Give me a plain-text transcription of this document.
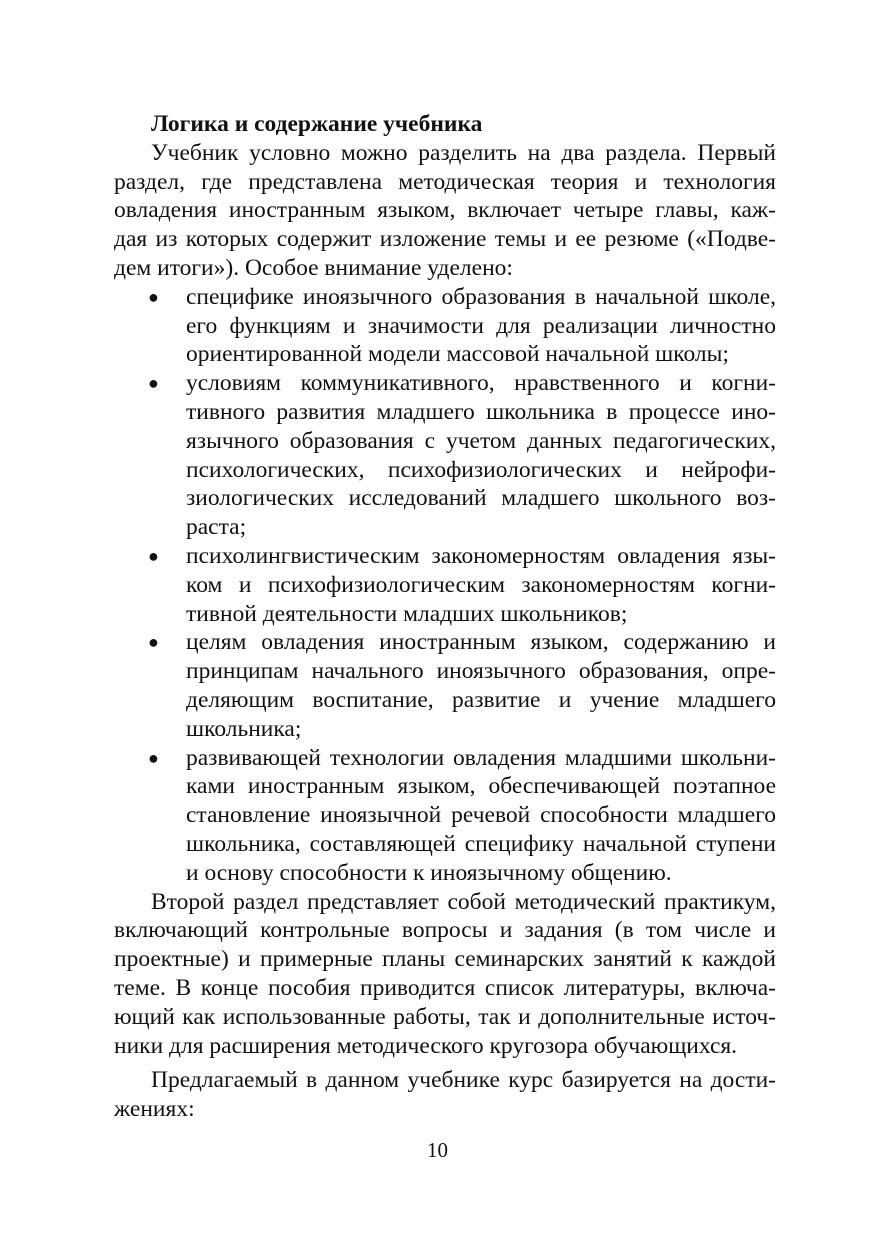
Логика и содержание учебника
Учебник условно можно разделить на два раздела. Первый
раздел, где представлена методическая теория и технология
овладения иностранным языком, включает четыре главы, каж-
дая из которых содержит изложение темы и ее резюме («Подве-
дем итоги»). Особое внимание уделено:
● специфике иноязычного образования в начальной школе,
его функциям и значимости для реализации личностно
ориентированной модели массовой начальной школы;
● условиям коммуникативного, нравственного и когни-
тивного развития младшего школьника в процессе ино-
язычного образования с учетом данных педагогических,
психологических, психофизиологических и нейрофи-
зиологических исследований младшего школьного воз-
раста;
● психолингвистическим закономерностям овладения язы-
ком и психофизиологическим закономерностям когни-
тивной деятельности младших школьников;
● целям овладения иностранным языком, содержанию и
принципам начального иноязычного образования, опре-
деляющим воспитание, развитие и учение младшего
школьника;
● развивающей технологии овладения младшими школьни-
ками иностранным языком, обеспечивающей поэтапное
становление иноязычной речевой способности младшего
школьника, составляющей специфику начальной ступени
и основу способности к иноязычному общению.
Второй раздел представляет собой методический практикум,
включающий контрольные вопросы и задания (в том числе и
проектные) и примерные планы семинарских занятий к каждой
теме. В конце пособия приводится список литературы, включа-
ющий как использованные работы, так и дополнительные источ-
ники для расширения методического кругозора обучающихся.
Предлагаемый в данном учебнике курс базируется на дости-
жениях:
10
